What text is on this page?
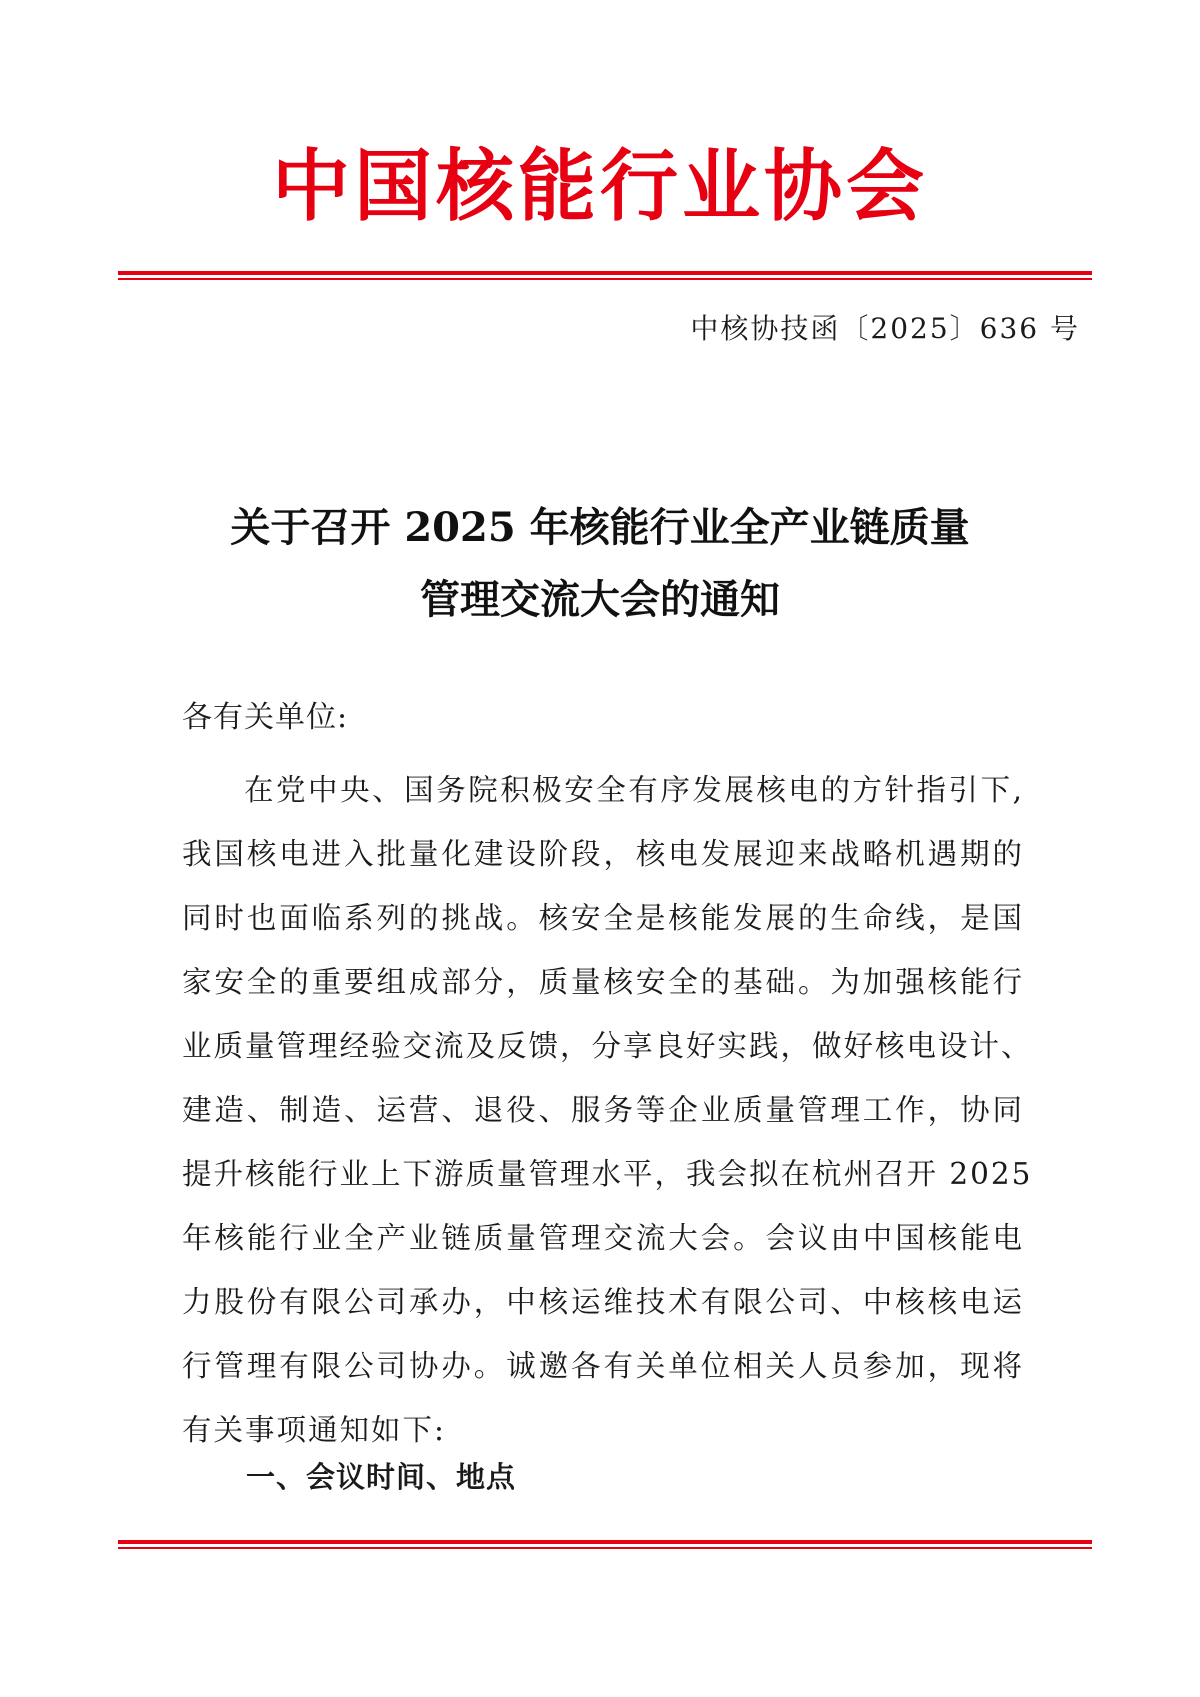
中国核能行业协会
中核协技函〔2025〕636 号
关于召开 2025 年核能行业全产业链质量
管理交流大会的通知
各有关单位:
在党中央、国务院积极安全有序发展核电的方针指引下,
我国核电进入批量化建设阶段，核电发展迎来战略机遇期的
同时也面临系列的挑战。核安全是核能发展的生命线，是国
家安全的重要组成部分，质量核安全的基础。为加强核能行
业质量管理经验交流及反馈，分享良好实践，做好核电设计、
建造、制造、运营、退役、服务等企业质量管理工作，协同
提升核能行业上下游质量管理水平，我会拟在杭州召开 2025
年核能行业全产业链质量管理交流大会。会议由中国核能电
力股份有限公司承办，中核运维技术有限公司、中核核电运
行管理有限公司协办。诚邀各有关单位相关人员参加，现将
有关事项通知如下:
一、会议时间、地点
